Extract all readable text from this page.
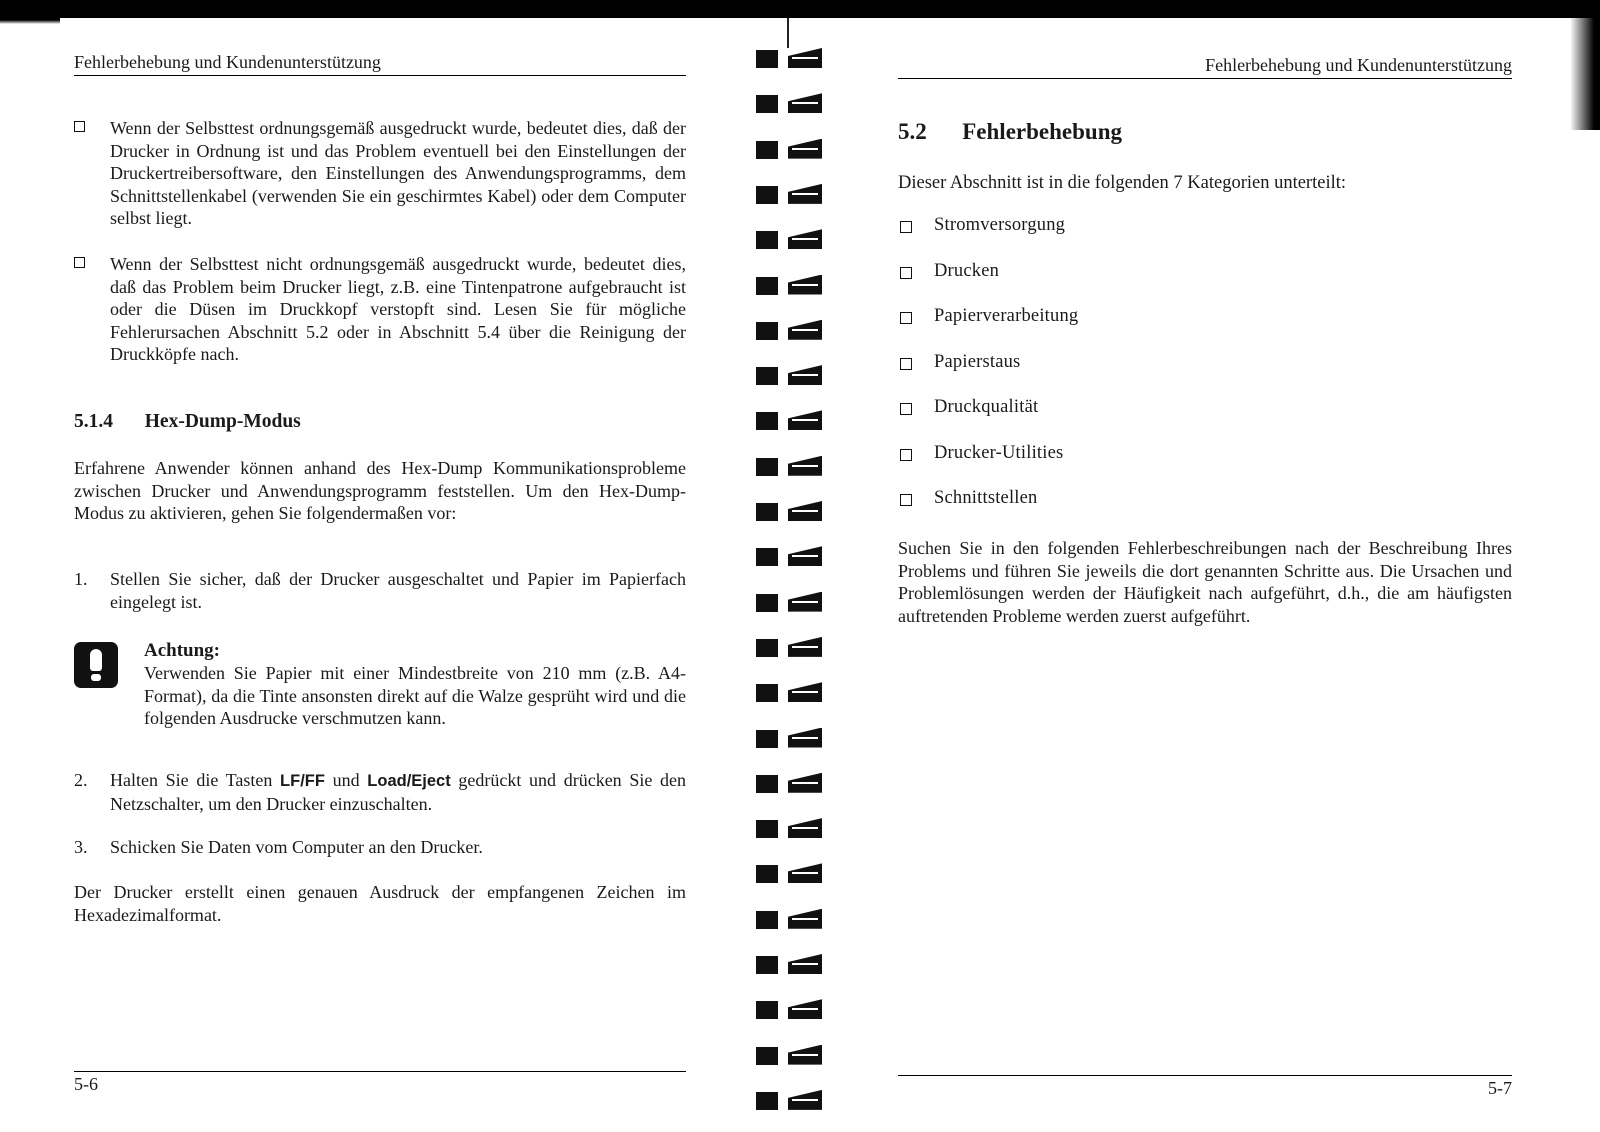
Fehlerbehebung und Kundenunterstützung
Wenn der Selbsttest ordnungsgemäß ausgedruckt wurde, bedeutet dies, daß der Drucker in Ordnung ist und das Problem eventuell bei den Einstellungen der Druckertreibersoftware, den Einstellungen des Anwendungsprogramms, dem Schnittstellenkabel (verwenden Sie ein geschirmtes Kabel) oder dem Computer selbst liegt.
Wenn der Selbsttest nicht ordnungsgemäß ausgedruckt wurde, bedeutet dies, daß das Problem beim Drucker liegt, z.B. eine Tintenpatrone aufgebraucht ist oder die Düsen im Druckkopf verstopft sind. Lesen Sie für mögliche Fehlerursachen Abschnitt 5.2 oder in Abschnitt 5.4 über die Reinigung der Druckköpfe nach.
5.1.4 Hex-Dump-Modus
Erfahrene Anwender können anhand des Hex-Dump Kommunikationsprobleme zwischen Drucker und Anwendungsprogramm feststellen. Um den Hex-Dump-Modus zu aktivieren, gehen Sie folgendermaßen vor:
1. Stellen Sie sicher, daß der Drucker ausgeschaltet und Papier im Papierfach eingelegt ist.
Achtung:
Verwenden Sie Papier mit einer Mindestbreite von 210 mm (z.B. A4-Format), da die Tinte ansonsten direkt auf die Walze gesprüht wird und die folgenden Ausdrucke verschmutzen kann.
2. Halten Sie die Tasten LF/FF und Load/Eject gedrückt und drücken Sie den Netzschalter, um den Drucker einzuschalten.
3. Schicken Sie Daten vom Computer an den Drucker.
Der Drucker erstellt einen genauen Ausdruck der empfangenen Zeichen im Hexadezimalformat.
5-6
Fehlerbehebung und Kundenunterstützung
5.2 Fehlerbehebung
Dieser Abschnitt ist in die folgenden 7 Kategorien unterteilt:
Stromversorgung
Drucken
Papierverarbeitung
Papierstaus
Druckqualität
Drucker-Utilities
Schnittstellen
Suchen Sie in den folgenden Fehlerbeschreibungen nach der Beschreibung Ihres Problems und führen Sie jeweils die dort genannten Schritte aus. Die Ursachen und Problemlösungen werden der Häufigkeit nach aufgeführt, d.h., die am häufigsten auftretenden Probleme werden zuerst aufgeführt.
5-7
